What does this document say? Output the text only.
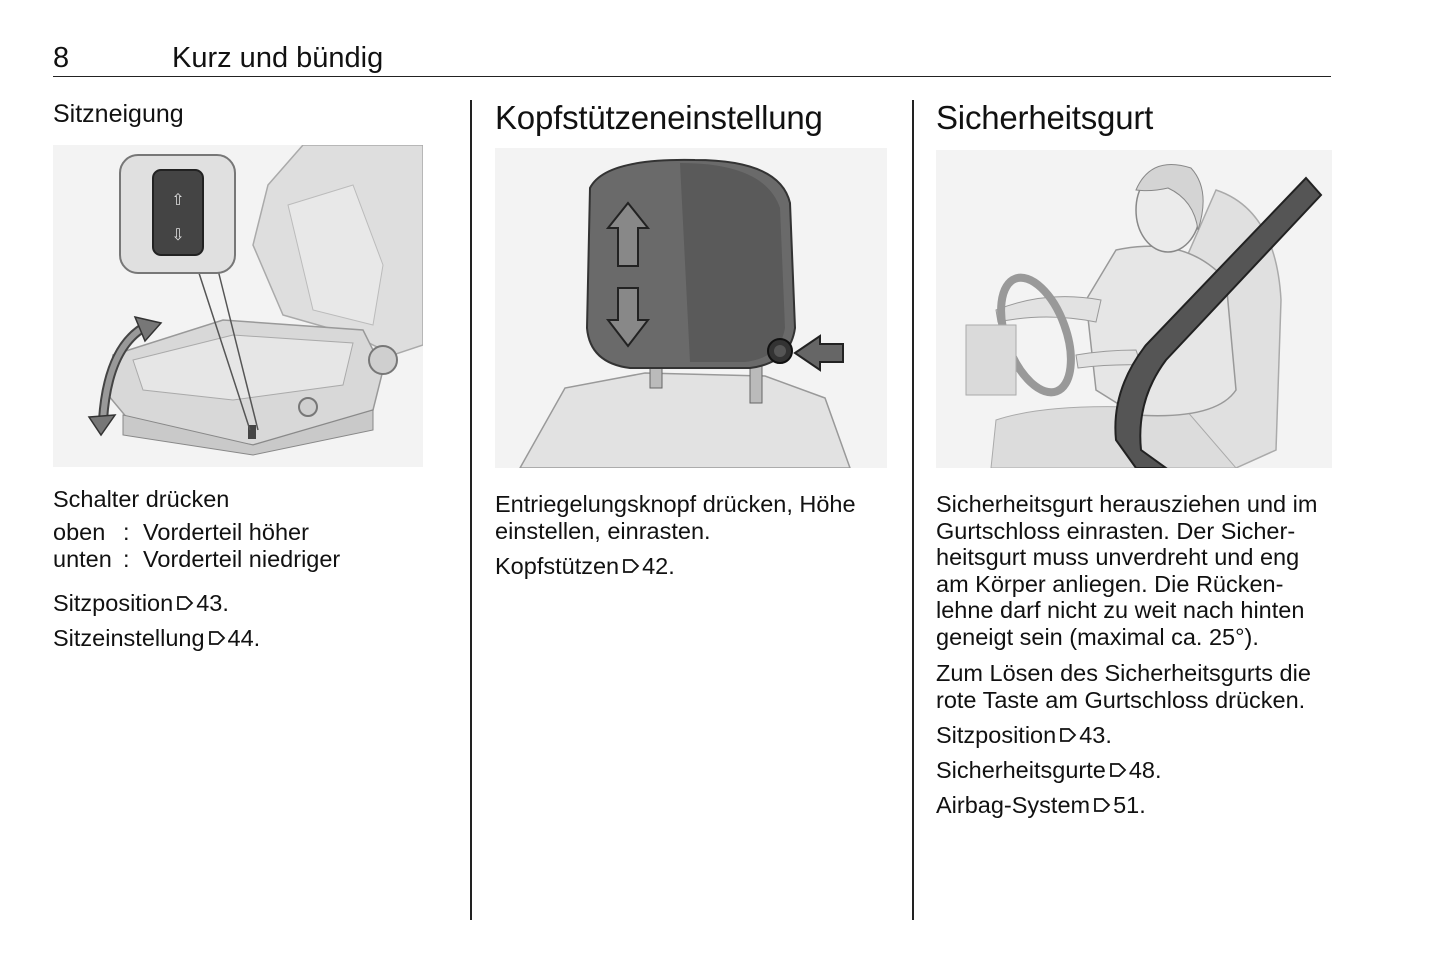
8	Kurz und bündig
Sitzneigung
⇧
⇩
Schalter drücken
oben : Vorderteil höher
unten : Vorderteil niedriger
Sitzposition 43.
Sitzeinstellung 44.
Kopfstützeneinstellung
Entriegelungsknopf drücken, Höhe
einstellen, einrasten.
Kopfstützen 42.
Sicherheitsgurt
Sicherheitsgurt herausziehen und im
Gurtschloss einrasten. Der Sicher-
heitsgurt muss unverdreht und eng
am Körper anliegen. Die Rücken-
lehne darf nicht zu weit nach hinten
geneigt sein (maximal ca. 25°).
Zum Lösen des Sicherheitsgurts die
rote Taste am Gurtschloss drücken.
Sitzposition 43.
Sicherheitsgurte 48.
Airbag-System 51.
